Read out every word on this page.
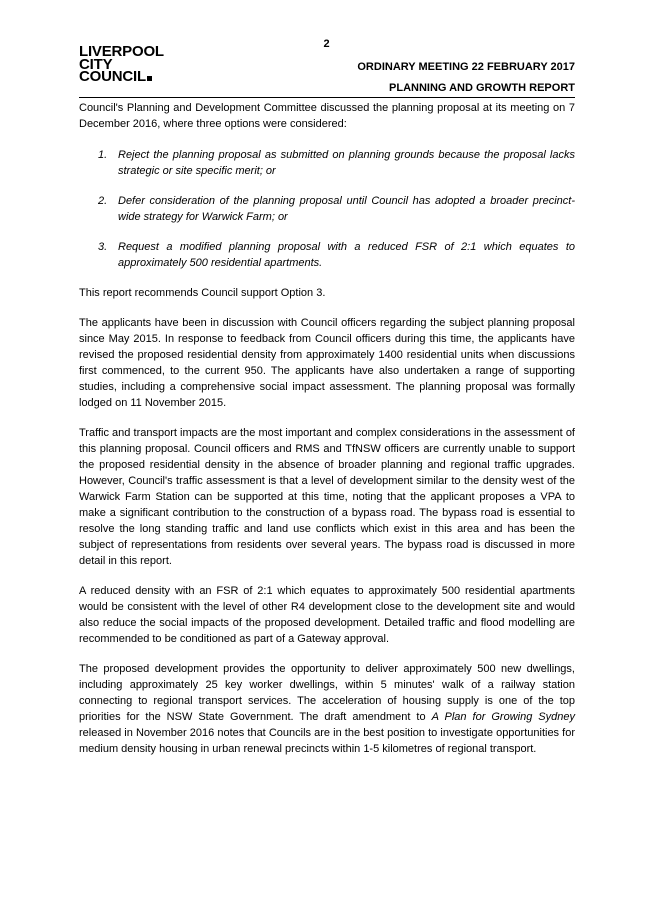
2
LIVERPOOL
CITY
COUNCIL
ORDINARY MEETING 22 FEBRUARY 2017
PLANNING AND GROWTH REPORT

Council's Planning and Development Committee discussed the planning proposal at its meeting on 7 December 2016, where three options were considered:

1. Reject the planning proposal as submitted on planning grounds because the proposal lacks strategic or site specific merit; or
2. Defer consideration of the planning proposal until Council has adopted a broader precinct-wide strategy for Warwick Farm; or
3. Request a modified planning proposal with a reduced FSR of 2:1 which equates to approximately 500 residential apartments.

This report recommends Council support Option 3.

The applicants have been in discussion with Council officers regarding the subject planning proposal since May 2015. In response to feedback from Council officers during this time, the applicants have revised the proposed residential density from approximately 1400 residential units when discussions first commenced, to the current 950. The applicants have also undertaken a range of supporting studies, including a comprehensive social impact assessment. The planning proposal was formally lodged on 11 November 2015.

Traffic and transport impacts are the most important and complex considerations in the assessment of this planning proposal. Council officers and RMS and TfNSW officers are currently unable to support the proposed residential density in the absence of broader planning and regional traffic upgrades. However, Council's traffic assessment is that a level of development similar to the density west of the Warwick Farm Station can be supported at this time, noting that the applicant proposes a VPA to make a significant contribution to the construction of a bypass road. The bypass road is essential to resolve the long standing traffic and land use conflicts which exist in this area and has been the subject of representations from residents over several years. The bypass road is discussed in more detail in this report.

A reduced density with an FSR of 2:1 which equates to approximately 500 residential apartments would be consistent with the level of other R4 development close to the development site and would also reduce the social impacts of the proposed development. Detailed traffic and flood modelling are recommended to be conditioned as part of a Gateway approval.

The proposed development provides the opportunity to deliver approximately 500 new dwellings, including approximately 25 key worker dwellings, within 5 minutes' walk of a railway station connecting to regional transport services. The acceleration of housing supply is one of the top priorities for the NSW State Government. The draft amendment to A Plan for Growing Sydney released in November 2016 notes that Councils are in the best position to investigate opportunities for medium density housing in urban renewal precincts within 1-5 kilometres of regional transport.
